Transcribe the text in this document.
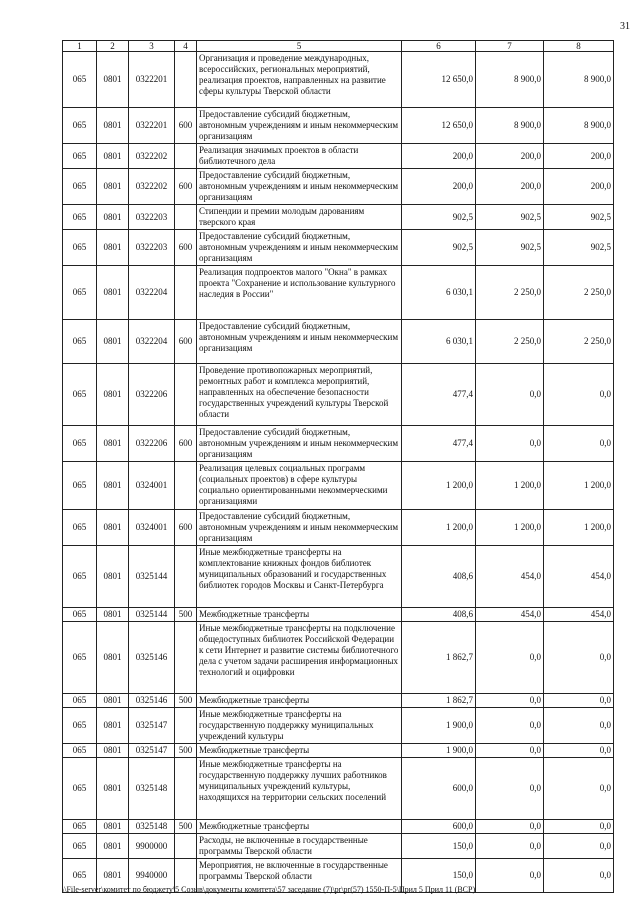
31
1	2	3	4	5	6	7	8
065	0801	0322201		Организация и проведение международных, всероссийских, региональных мероприятий, реализация проектов, направленных на развитие сферы культуры Тверской области	12 650,0	8 900,0	8 900,0
065	0801	0322201	600	Предоставление субсидий бюджетным, автономным учреждениям и иным некоммерческим организациям	12 650,0	8 900,0	8 900,0
065	0801	0322202		Реализация значимых проектов в области библиотечного дела	200,0	200,0	200,0
065	0801	0322202	600	Предоставление субсидий бюджетным, автономным учреждениям и иным некоммерческим организациям	200,0	200,0	200,0
065	0801	0322203		Стипендии и премии молодым дарованиям тверского края	902,5	902,5	902,5
065	0801	0322203	600	Предоставление субсидий бюджетным, автономным учреждениям и иным некоммерческим организациям	902,5	902,5	902,5
065	0801	0322204		Реализация подпроектов малого "Окна" в рамках проекта "Сохранение и использование культурного наследия в России"	6 030,1	2 250,0	2 250,0
065	0801	0322204	600	Предоставление субсидий бюджетным, автономным учреждениям и иным некоммерческим организациям	6 030,1	2 250,0	2 250,0
065	0801	0322206		Проведение противопожарных мероприятий, ремонтных работ и комплекса мероприятий, направленных на обеспечение безопасности государственных учреждений культуры Тверской области	477,4	0,0	0,0
065	0801	0322206	600	Предоставление субсидий бюджетным, автономным учреждениям и иным некоммерческим организациям	477,4	0,0	0,0
065	0801	0324001		Реализация целевых социальных программ (социальных проектов) в сфере культуры социально ориентированными некоммерческими организациями	1 200,0	1 200,0	1 200,0
065	0801	0324001	600	Предоставление субсидий бюджетным, автономным учреждениям и иным некоммерческим организациям	1 200,0	1 200,0	1 200,0
065	0801	0325144		Иные межбюджетные трансферты на комплектование книжных фондов библиотек муниципальных образований и государственных библиотек городов Москвы и Санкт-Петербурга	408,6	454,0	454,0
065	0801	0325144	500	Межбюджетные трансферты	408,6	454,0	454,0
065	0801	0325146		Иные межбюджетные трансферты на подключение общедоступных библиотек Российской Федерации к сети Интернет и развитие системы библиотечного дела с учетом задачи расширения информационных технологий и оцифровки	1 862,7	0,0	0,0
065	0801	0325146	500	Межбюджетные трансферты	1 862,7	0,0	0,0
065	0801	0325147		Иные межбюджетные трансферты на государственную поддержку муниципальных учреждений культуры	1 900,0	0,0	0,0
065	0801	0325147	500	Межбюджетные трансферты	1 900,0	0,0	0,0
065	0801	0325148		Иные межбюджетные трансферты на государственную поддержку лучших работников муниципальных учреждений культуры, находящихся на территории сельских поселений	600,0	0,0	0,0
065	0801	0325148	500	Межбюджетные трансферты	600,0	0,0	0,0
065	0801	9900000		Расходы, не включенные в государственные программы Тверской области	150,0	0,0	0,0
065	0801	9940000		Мероприятия, не включенные в государственные программы Тверской области	150,0	0,0	0,0
\\File-server\комитет по бюджету\5 Созыв\документы комитета\57 заседание (7)\pr\pr(57) 1550-П-5\Прил 5 Прил 11 (ВСР)
